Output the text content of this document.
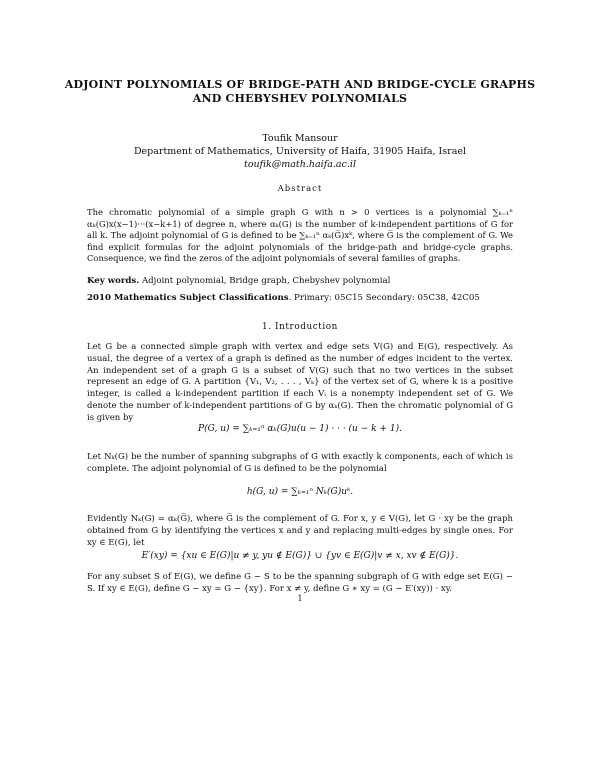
ADJOINT POLYNOMIALS OF BRIDGE-PATH AND BRIDGE-CYCLE GRAPHS
AND CHEBYSHEV POLYNOMIALS
Toufik Mansour
Department of Mathematics, University of Haifa, 31905 Haifa, Israel
toufik@math.haifa.ac.il
Abstract
The chromatic polynomial of a simple graph G with n > 0 vertices is a polynomial ∑ₖ₌₁ⁿ αₖ(G)x(x−1)···(x−k+1) of degree n, where αₖ(G) is the number of k-independent partitions of G for all k. The adjoint polynomial of G is defined to be ∑ₖ₌₁ⁿ αₖ(G̅)xᵏ, where G̅ is the complement of G. We find explicit formulas for the adjoint polynomials of the bridge-path and bridge-cycle graphs. Consequence, we find the zeros of the adjoint polynomials of several families of graphs.
Key words. Adjoint polynomial, Bridge graph, Chebyshev polynomial
2010 Mathematics Subject Classifications. Primary: 05C15 Secondary: 05C38, 42C05
1. Introduction
Let G be a connected simple graph with vertex and edge sets V(G) and E(G), respectively. As usual, the degree of a vertex of a graph is defined as the number of edges incident to the vertex. An independent set of a graph G is a subset of V(G) such that no two vertices in the subset represent an edge of G. A partition {V₁, V₂, . . . , Vₖ} of the vertex set of G, where k is a positive integer, is called a k-independent partition if each Vᵢ is a nonempty independent set of G. We denote the number of k-independent partitions of G by αₖ(G). Then the chromatic polynomial of G is given by
P(G, u) = ∑ₖ₌₁ⁿ αₖ(G)u(u − 1) · · · (u − k + 1).
Let Nₖ(G) be the number of spanning subgraphs of G with exactly k components, each of which is complete. The adjoint polynomial of G is defined to be the polynomial
h(G, u) = ∑ₖ₌₁ⁿ Nₖ(G)uᵏ.
Evidently Nₖ(G) = αₖ(G̅), where G̅ is the complement of G. For x, y ∈ V(G), let G · xy be the graph obtained from G by identifying the vertices x and y and replacing multi-edges by single ones. For xy ∈ E(G), let
E′(xy) = {xu ∈ E(G)|u ≠ y, yu ∉ E(G)} ∪ {yv ∈ E(G)|v ≠ x, xv ∉ E(G)}.
For any subset S of E(G), we define G − S to be the spanning subgraph of G with edge set E(G) − S. If xy ∈ E(G), define G − xy = G − {xy}. For x ≠ y, define G ∗ xy = (G − E′(xy)) · xy.
1
